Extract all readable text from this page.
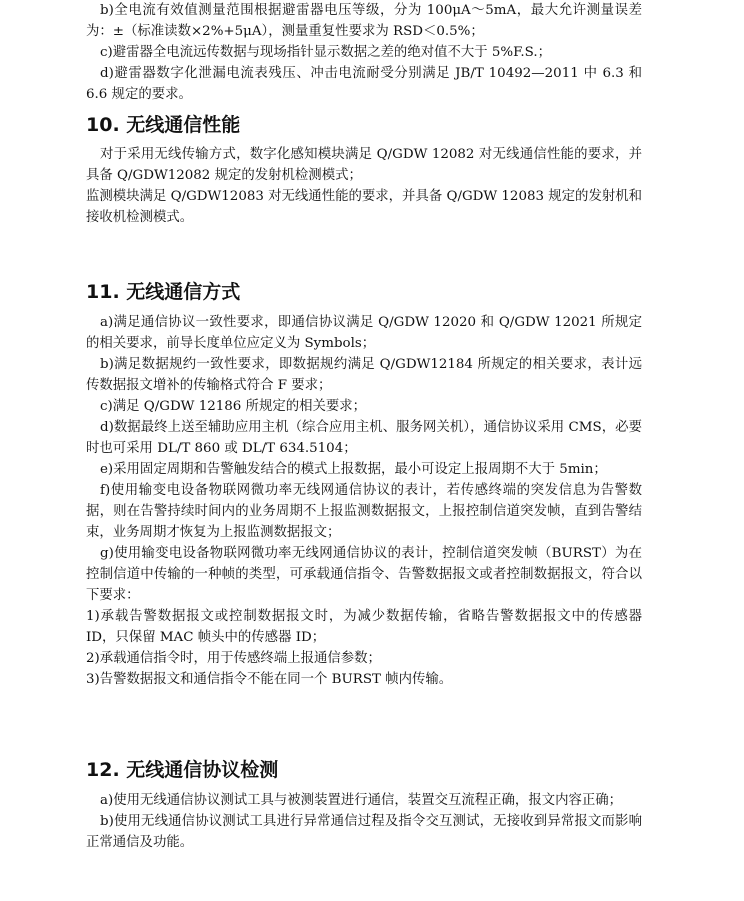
b)全电流有效值测量范围根据避雷器电压等级，分为 100μA～5mA，最大允许测量误差为：±（标准读数×2%+5μA），测量重复性要求为 RSD＜0.5%；

c)避雷器全电流远传数据与现场指针显示数据之差的绝对值不大于 5%F.S.；

d)避雷器数字化泄漏电流表残压、冲击电流耐受分别满足 JB/T 10492—2011 中 6.3 和 6.6 规定的要求。

10. 无线通信性能

对于采用无线传输方式，数字化感知模块满足 Q/GDW 12082 对无线通信性能的要求，并具备 Q/GDW12082 规定的发射机检测模式；

监测模块满足 Q/GDW12083 对无线通性能的要求，并具备 Q/GDW 12083 规定的发射机和接收机检测模式。

11. 无线通信方式

a)满足通信协议一致性要求，即通信协议满足 Q/GDW 12020 和 Q/GDW 12021 所规定的相关要求，前导长度单位应定义为 Symbols；

b)满足数据规约一致性要求，即数据规约满足 Q/GDW12184 所规定的相关要求，表计远传数据报文增补的传输格式符合 F 要求；

c)满足 Q/GDW 12186 所规定的相关要求；

d)数据最终上送至辅助应用主机（综合应用主机、服务网关机），通信协议采用 CMS，必要时也可采用 DL/T 860 或 DL/T 634.5104；

e)采用固定周期和告警触发结合的模式上报数据，最小可设定上报周期不大于 5min；

f)使用输变电设备物联网微功率无线网通信协议的表计，若传感终端的突发信息为告警数据，则在告警持续时间内的业务周期不上报监测数据报文，上报控制信道突发帧，直到告警结束，业务周期才恢复为上报监测数据报文；

g)使用输变电设备物联网微功率无线网通信协议的表计，控制信道突发帧（BURST）为在控制信道中传输的一种帧的类型，可承载通信指令、告警数据报文或者控制数据报文，符合以下要求：

1)承载告警数据报文或控制数据报文时，为减少数据传输，省略告警数据报文中的传感器 ID，只保留 MAC 帧头中的传感器 ID；

2)承载通信指令时，用于传感终端上报通信参数；

3)告警数据报文和通信指令不能在同一个 BURST 帧内传输。

12. 无线通信协议检测

a)使用无线通信协议测试工具与被测装置进行通信，装置交互流程正确，报文内容正确；

b)使用无线通信协议测试工具进行异常通信过程及指令交互测试，无接收到异常报文而影响正常通信及功能。
